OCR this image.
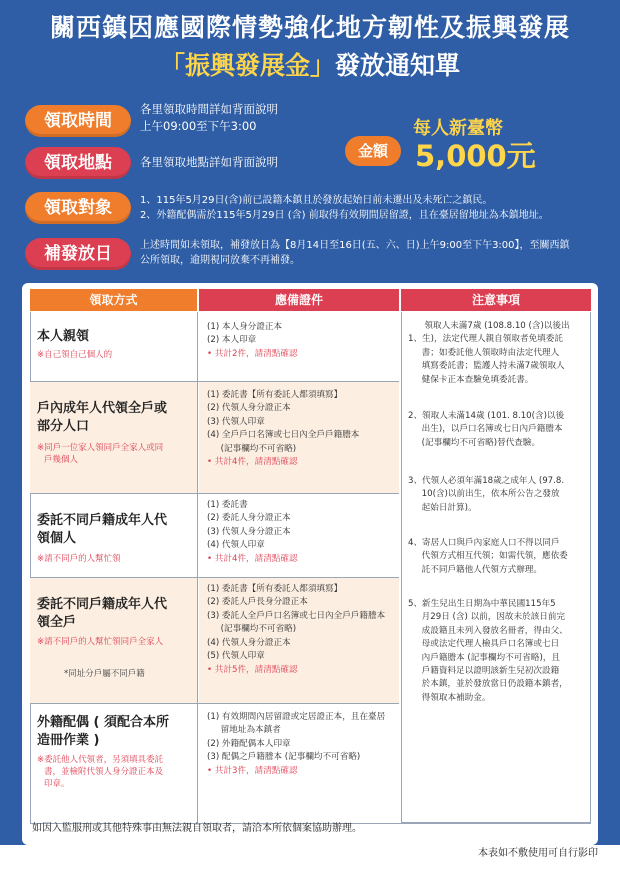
關西鎮因應國際情勢強化地方韌性及振興發展
「振興發展金」發放通知單
領取時間
各里領取時間詳如背面說明
上午09:00至下午3:00
領取地點	各里領取地點詳如背面說明
金額
每人新臺幣
5,000元
領取對象	1、115年5月29日(含)前已設籍本鎮且於發放起始日前未遷出及未死亡之鎮民。
2、外籍配偶需於115年5月29日 (含) 前取得有效期間居留證，且在臺居留地址為本鎮地址。
補發放日	上述時間如未領取，補發放日為【8月14日至16日(五、六、日)上午9:00至下午3:00】，至關西鎮
公所領取，逾期視同放棄不再補發。
領取方式	應備證件	注意事項
本人親領
※自己領自己個人的
(1) 本人身分證正本
(2) 本人印章
• 共計2件，請清點確認
戶內成年人代領全戶或
部分人口
※同戶一位家人領同戶全家人或同
戶幾個人
(1) 委託書【所有委託人都須填寫】
(2) 代領人身分證正本
(3) 代領人印章
(4) 全戶戶口名簿或七日內全戶戶籍謄本
(記事欄均不可省略)
• 共計4件，請清點確認
委託不同戶籍成年人代
領個人
※請不同戶的人幫忙領
(1) 委託書
(2) 委託人身分證正本
(3) 代領人身分證正本
(4) 代領人印章
• 共計4件，請清點確認
委託不同戶籍成年人代
領全戶
※請不同戶的人幫忙領同戶全家人
*同址分戶屬不同戶籍
(1) 委託書【所有委託人都須填寫】
(2) 委託人戶長身分證正本
(3) 委託人全戶戶口名簿或七日內全戶戶籍謄本
(記事欄均不可省略)
(4) 代領人身分證正本
(5) 代領人印章
• 共計5件，請清點確認
外籍配偶 ( 須配合本所
造冊作業 )
※委託他人代領者，另須填具委託
書，並檢附代領人身分證正本及
印章。
(1) 有效期間內居留證或定居證正本，且在臺居
留地址為本鎮者
(2) 外籍配偶本人印章
(3) 配偶之戶籍謄本 (記事欄均不可省略)
• 共計3件，請清點確認
領取人未滿7歲 (108.8.10 (含)以後出
1、生)，法定代理人親自領取者免填委託
書；如委託他人領取時由法定代理人
填寫委託書；監護人持未滿7歲領取人
健保卡正本查驗免填委託書。
2、領取人未滿14歲 (101. 8.10(含)以後
出生)，以戶口名簿或七日內戶籍謄本
(記事欄均不可省略)替代查驗。
3、代領人必須年滿18歲之成年人 (97.8.
10(含)以前出生，依本所公告之發放
起始日計算)。
4、寄居人口與戶內家庭人口不得以同戶
代領方式相互代領；如需代領，應依委
託不同戶籍他人代領方式辦理。
5、新生兒出生日期為中華民國115年5
月29日 (含) 以前，因故未於該日前完
成設籍且未列入發放名冊者，得由父、
母或法定代理人檢具戶口名簿或七日
內戶籍謄本 (記事欄均不可省略)，且
戶籍資料足以證明該新生兒初次設籍
於本鎮，並於發放當日仍設籍本鎮者，
得領取本補助金。
如因入監服刑或其他特殊事由無法親自領取者，請洽本所依個案協助辦理。
本表如不敷使用可自行影印
